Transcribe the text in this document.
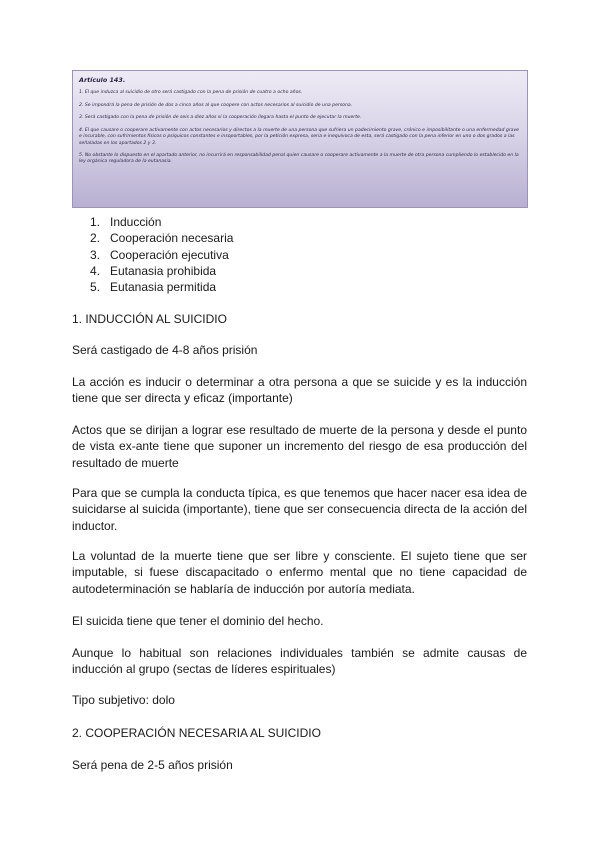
Artículo 143.
1. El que induzca al suicidio de otro será castigado con la pena de prisión de cuatro a ocho años.
2. Se impondrá la pena de prisión de dos a cinco años al que coopere con actos necesarios al suicidio de una persona.
3. Será castigado con la pena de prisión de seis a diez años si la cooperación llegara hasta el punto de ejecutar la muerte.
4. El que causare o cooperare activamente con actos necesarios y directos a la muerte de una persona que sufriera un padecimiento grave, crónico e imposibilitante o una enfermedad grave e incurable, con sufrimientos físicos o psíquicos constantes e insoportables, por la petición expresa, seria e inequívoca de esta, será castigado con la pena inferior en uno o dos grados a las señaladas en los apartados 2 y 3.
5. No obstante lo dispuesto en el apartado anterior, no incurrirá en responsabilidad penal quien causare o cooperare activamente a la muerte de otra persona cumpliendo lo establecido en la ley orgánica reguladora de la eutanasia.
1. Inducción
2. Cooperación necesaria
3. Cooperación ejecutiva
4. Eutanasia prohibida
5. Eutanasia permitida

1. INDUCCIÓN AL SUICIDIO

Será castigado de 4-8 años prisión

La acción es inducir o determinar a otra persona a que se suicide y es la inducción tiene que ser directa y eficaz (importante)

Actos que se dirijan a lograr ese resultado de muerte de la persona y desde el punto de vista ex-ante tiene que suponer un incremento del riesgo de esa producción del resultado de muerte

Para que se cumpla la conducta típica, es que tenemos que hacer nacer esa idea de suicidarse al suicida (importante), tiene que ser consecuencia directa de la acción del inductor.

La voluntad de la muerte tiene que ser libre y consciente. El sujeto tiene que ser imputable, si fuese discapacitado o enfermo mental que no tiene capacidad de autodeterminación se hablaría de inducción por autoría mediata.

El suicida tiene que tener el dominio del hecho.

Aunque lo habitual son relaciones individuales también se admite causas de inducción al grupo (sectas de líderes espirituales)

Tipo subjetivo: dolo

2. COOPERACIÓN NECESARIA AL SUICIDIO

Será pena de 2-5 años prisión
